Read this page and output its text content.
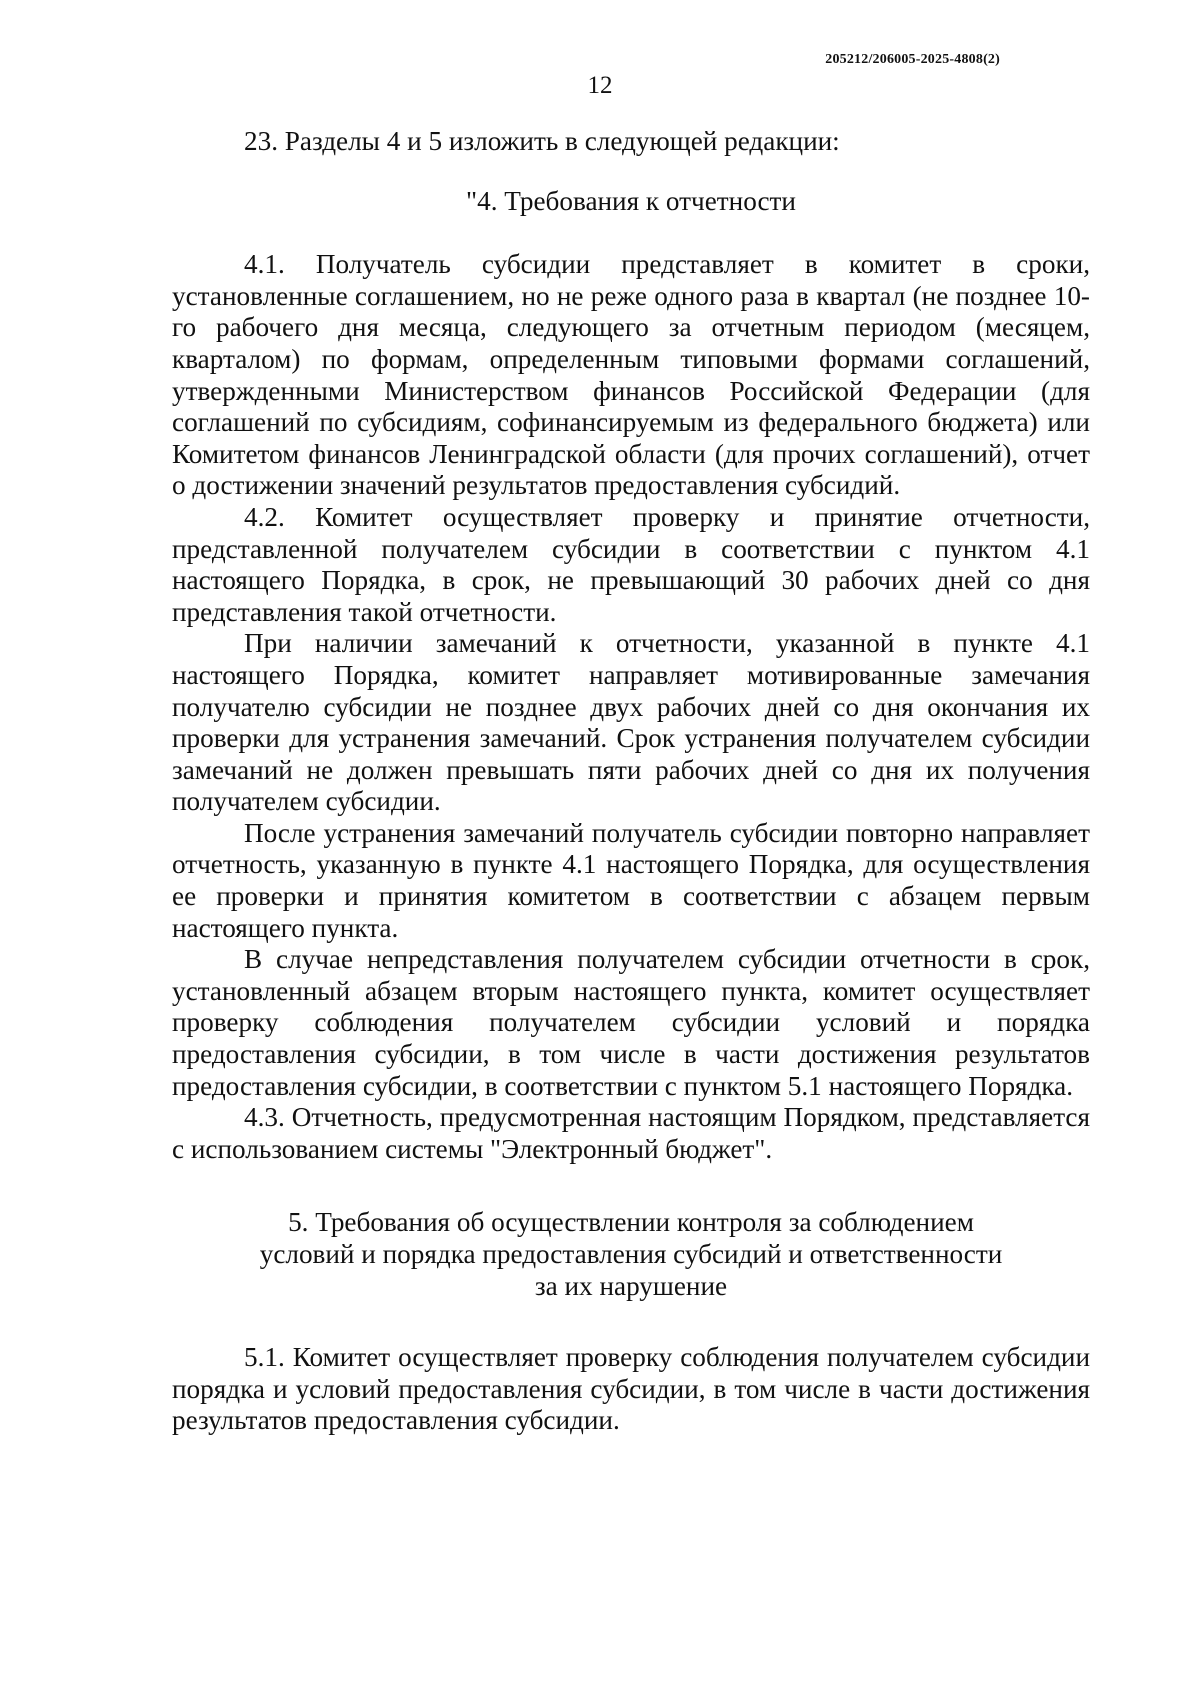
205212/206005-2025-4808(2)
12

23. Разделы 4 и 5 изложить в следующей редакции:

"4. Требования к отчетности

4.1. Получатель субсидии представляет в комитет в сроки, установленные соглашением, но не реже одного раза в квартал (не позднее 10-го рабочего дня месяца, следующего за отчетным периодом (месяцем, кварталом) по формам, определенным типовыми формами соглашений, утвержденными Министерством финансов Российской Федерации (для соглашений по субсидиям, софинансируемым из федерального бюджета) или Комитетом финансов Ленинградской области (для прочих соглашений), отчет о достижении значений результатов предоставления субсидий.

4.2. Комитет осуществляет проверку и принятие отчетности, представленной получателем субсидии в соответствии с пунктом 4.1 настоящего Порядка, в срок, не превышающий 30 рабочих дней со дня представления такой отчетности.

При наличии замечаний к отчетности, указанной в пункте 4.1 настоящего Порядка, комитет направляет мотивированные замечания получателю субсидии не позднее двух рабочих дней со дня окончания их проверки для устранения замечаний. Срок устранения получателем субсидии замечаний не должен превышать пяти рабочих дней со дня их получения получателем субсидии.

После устранения замечаний получатель субсидии повторно направляет отчетность, указанную в пункте 4.1 настоящего Порядка, для осуществления ее проверки и принятия комитетом в соответствии с абзацем первым настоящего пункта.

В случае непредставления получателем субсидии отчетности в срок, установленный абзацем вторым настоящего пункта, комитет осуществляет проверку соблюдения получателем субсидии условий и порядка предоставления субсидии, в том числе в части достижения результатов предоставления субсидии, в соответствии с пунктом 5.1 настоящего Порядка.

4.3. Отчетность, предусмотренная настоящим Порядком, представляется с использованием системы "Электронный бюджет".

5. Требования об осуществлении контроля за соблюдением
условий и порядка предоставления субсидий и ответственности
за их нарушение

5.1. Комитет осуществляет проверку соблюдения получателем субсидии порядка и условий предоставления субсидии, в том числе в части достижения результатов предоставления субсидии.
